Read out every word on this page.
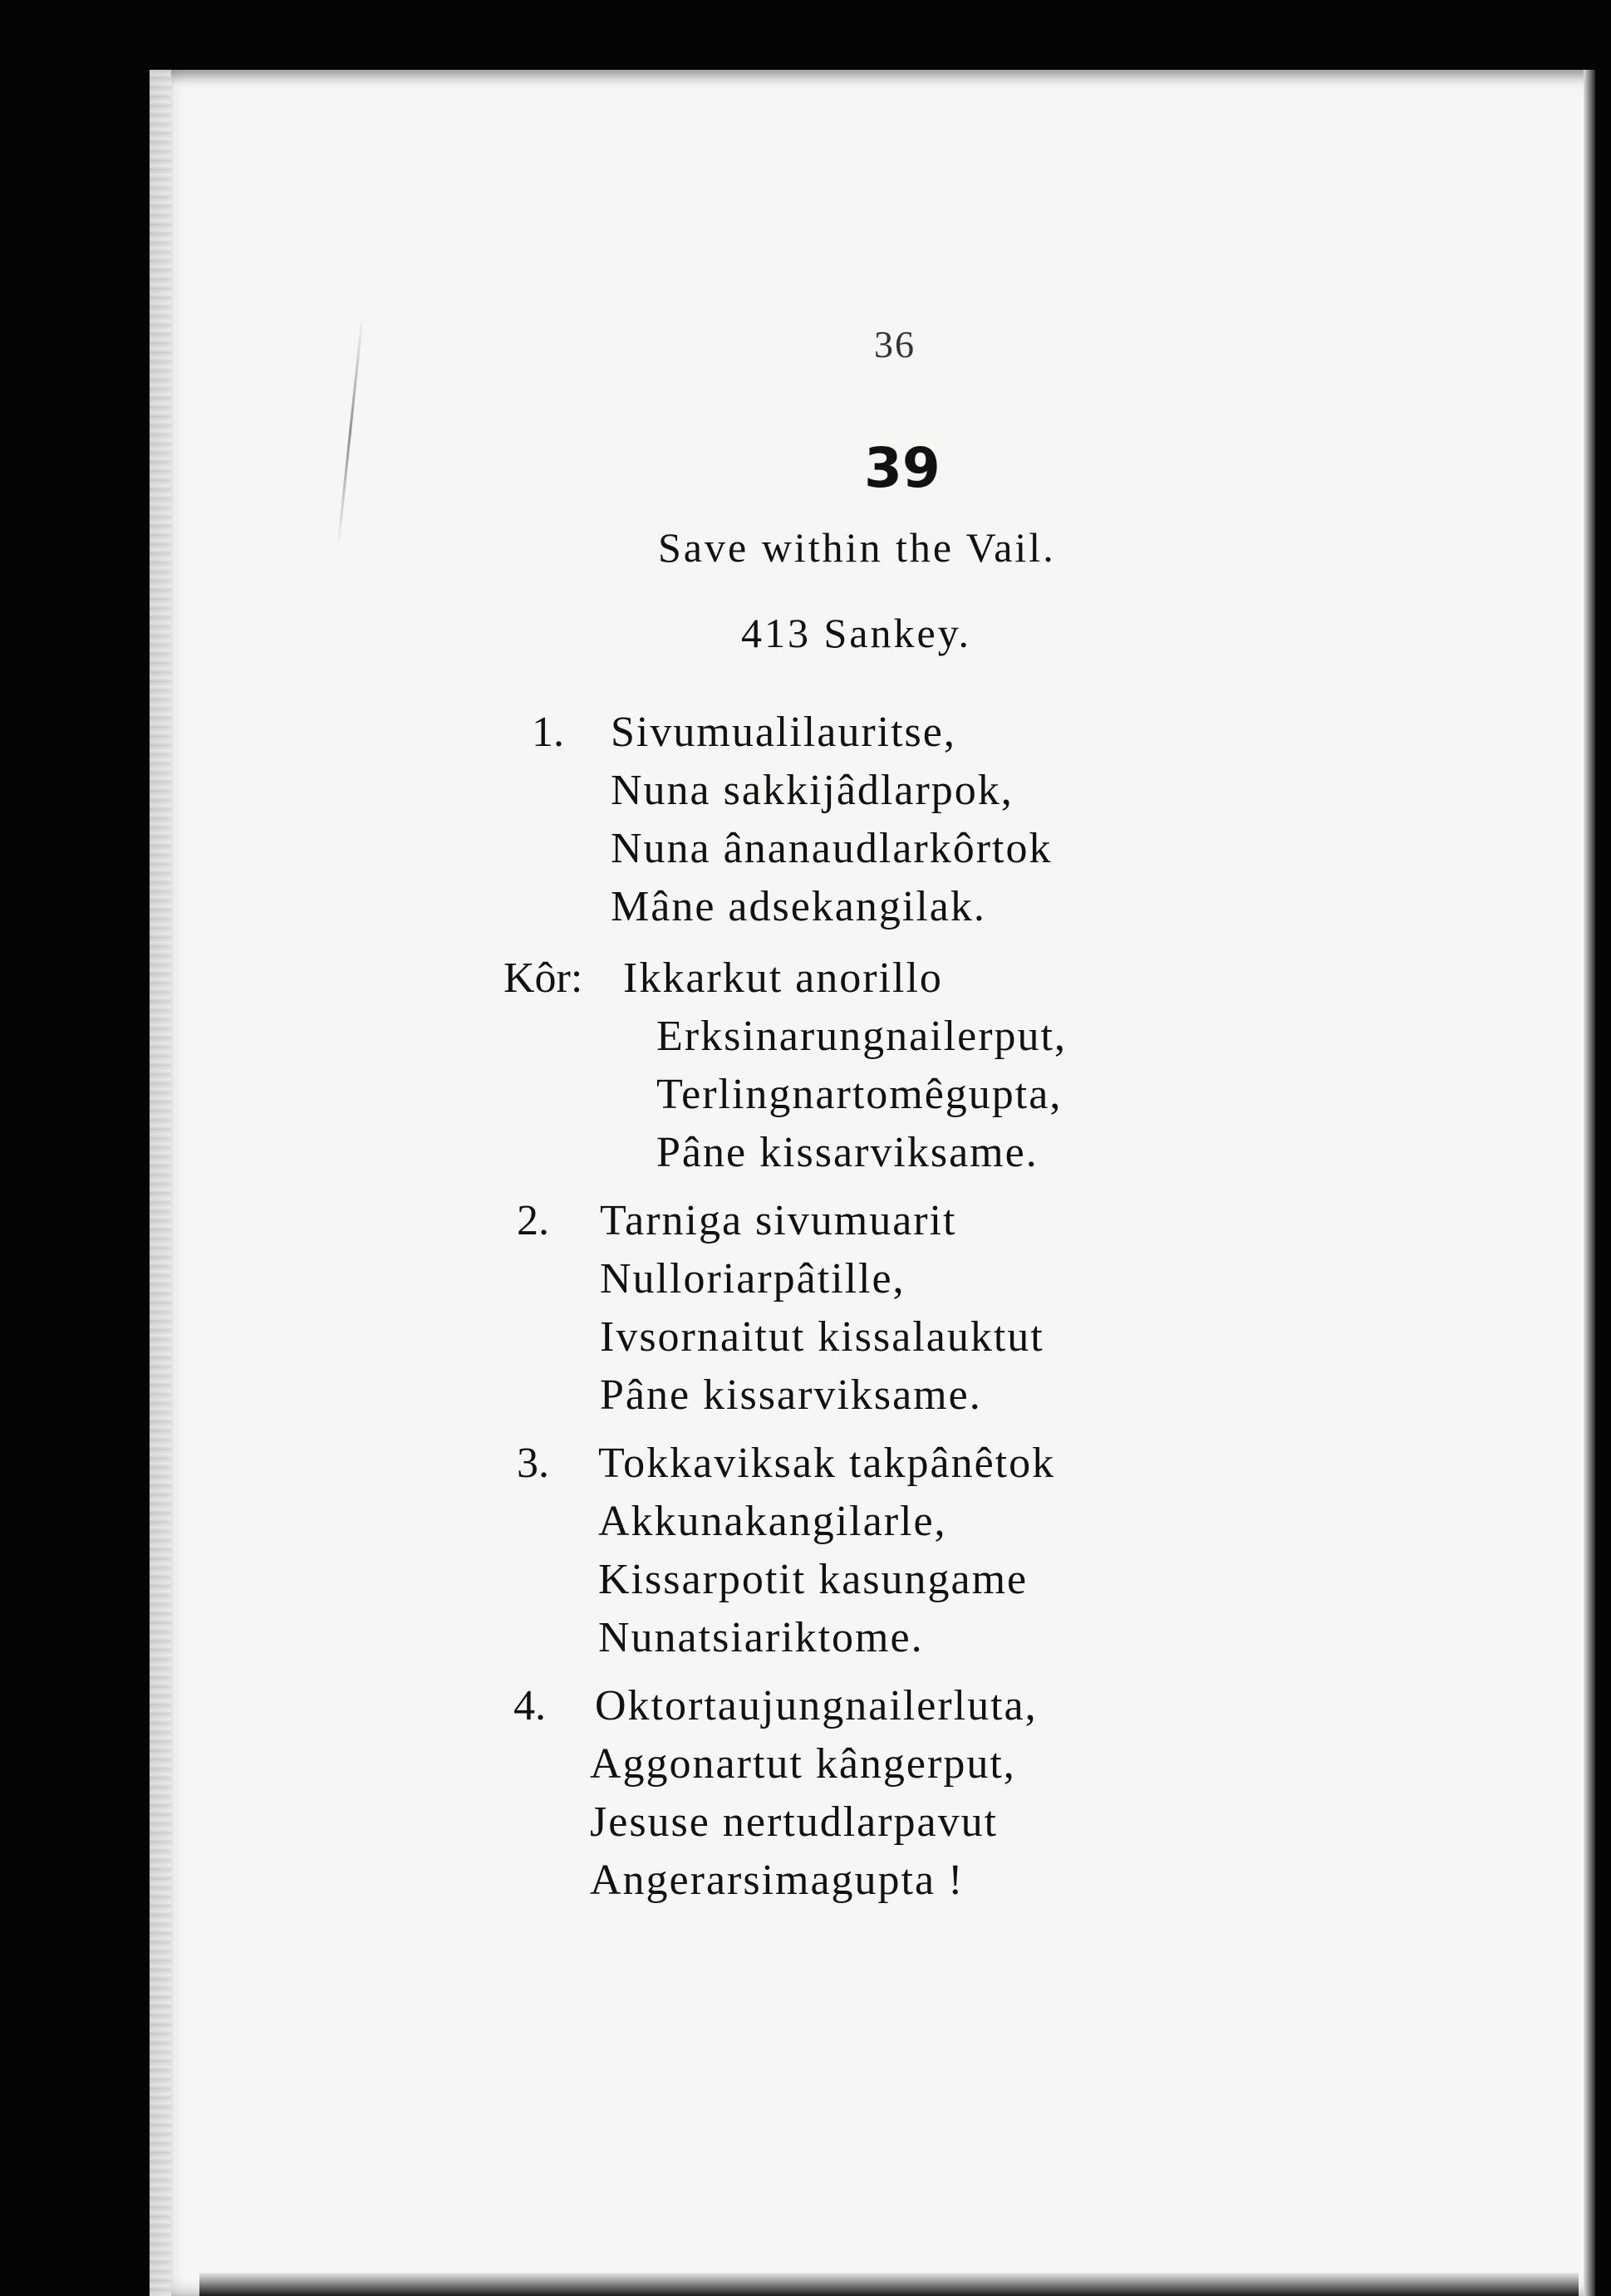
36
39
Save within the Vail.
413 Sankey.
1. Sivumualilauritse,
Nuna sakkijâdlarpok,
Nuna ânanaudlarkôrtok
Mâne adsekangilak.
Kôr: Ikkarkut anorillo
Erksinarungnailerput,
Terlingnartomêgupta,
Pâne kissarviksame.
2. Tarniga sivumuarit
Nulloriarpâtille,
Ivsornaitut kissalauktut
Pâne kissarviksame.
3. Tokkaviksak takpânêtok
Akkunakangilarle,
Kissarpotit kasungame
Nunatsiariktome.
4. Oktortaujungnailerluta,
Aggonartut kângerput,
Jesuse nertudlarpavut
Angerarsimagupta !
